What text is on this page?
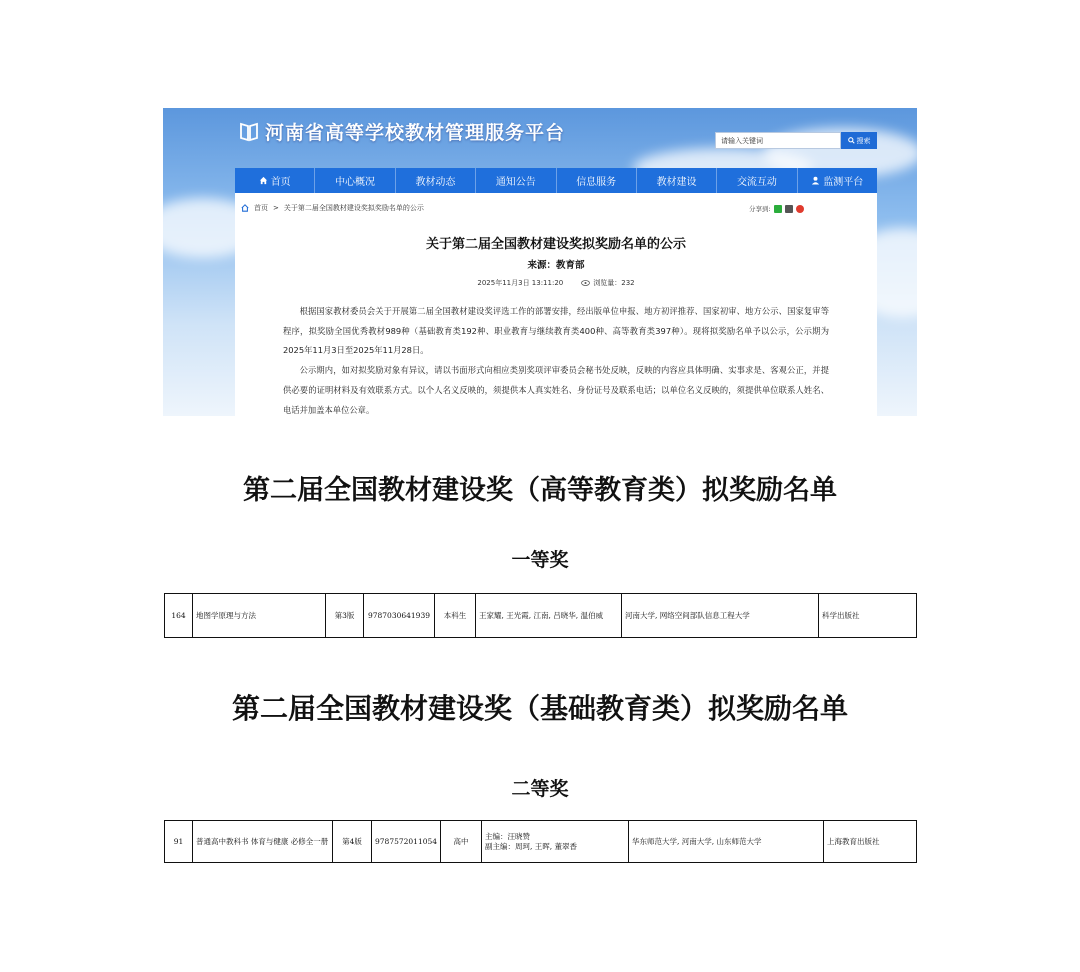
河南省高等学校教材管理服务平台
请输入关键词	搜索
首页	中心概况	教材动态	通知公告	信息服务	教材建设	交流互动	监测平台
首页 > 关于第二届全国教材建设奖拟奖励名单的公示	分享到:
关于第二届全国教材建设奖拟奖励名单的公示
来源：教育部
2025年11月3日 13:11:20	浏览量：232

根据国家教材委员会关于开展第二届全国教材建设奖评选工作的部署安排，经出版单位申报、地方初评推荐、国家初审、地方公示、国家复审等程序，拟奖励全国优秀教材989种（基础教育类192种、职业教育与继续教育类400种、高等教育类397种）。现将拟奖励名单予以公示，公示期为2025年11月3日至2025年11月28日。

公示期内，如对拟奖励对象有异议，请以书面形式向相应类别奖项评审委员会秘书处反映，反映的内容应具体明确、实事求是、客观公正，并提供必要的证明材料及有效联系方式。以个人名义反映的，须提供本人真实姓名、身份证号及联系电话；以单位名义反映的，须提供单位联系人姓名、电话并加盖本单位公章。

第二届全国教材建设奖（高等教育类）拟奖励名单
一等奖
164	地图学原理与方法	第3版	9787030641939	本科生	王家耀, 王光霞, 江南, 吕晓华, 温伯威	河南大学, 网络空间部队信息工程大学	科学出版社
第二届全国教材建设奖（基础教育类）拟奖励名单
二等奖
91	普通高中教科书 体育与健康 必修全一册	第4版	9787572011054	高中	主编：汪晓赞
副主编：周珂, 王晖, 董翠香	华东师范大学, 河南大学, 山东师范大学	上海教育出版社
